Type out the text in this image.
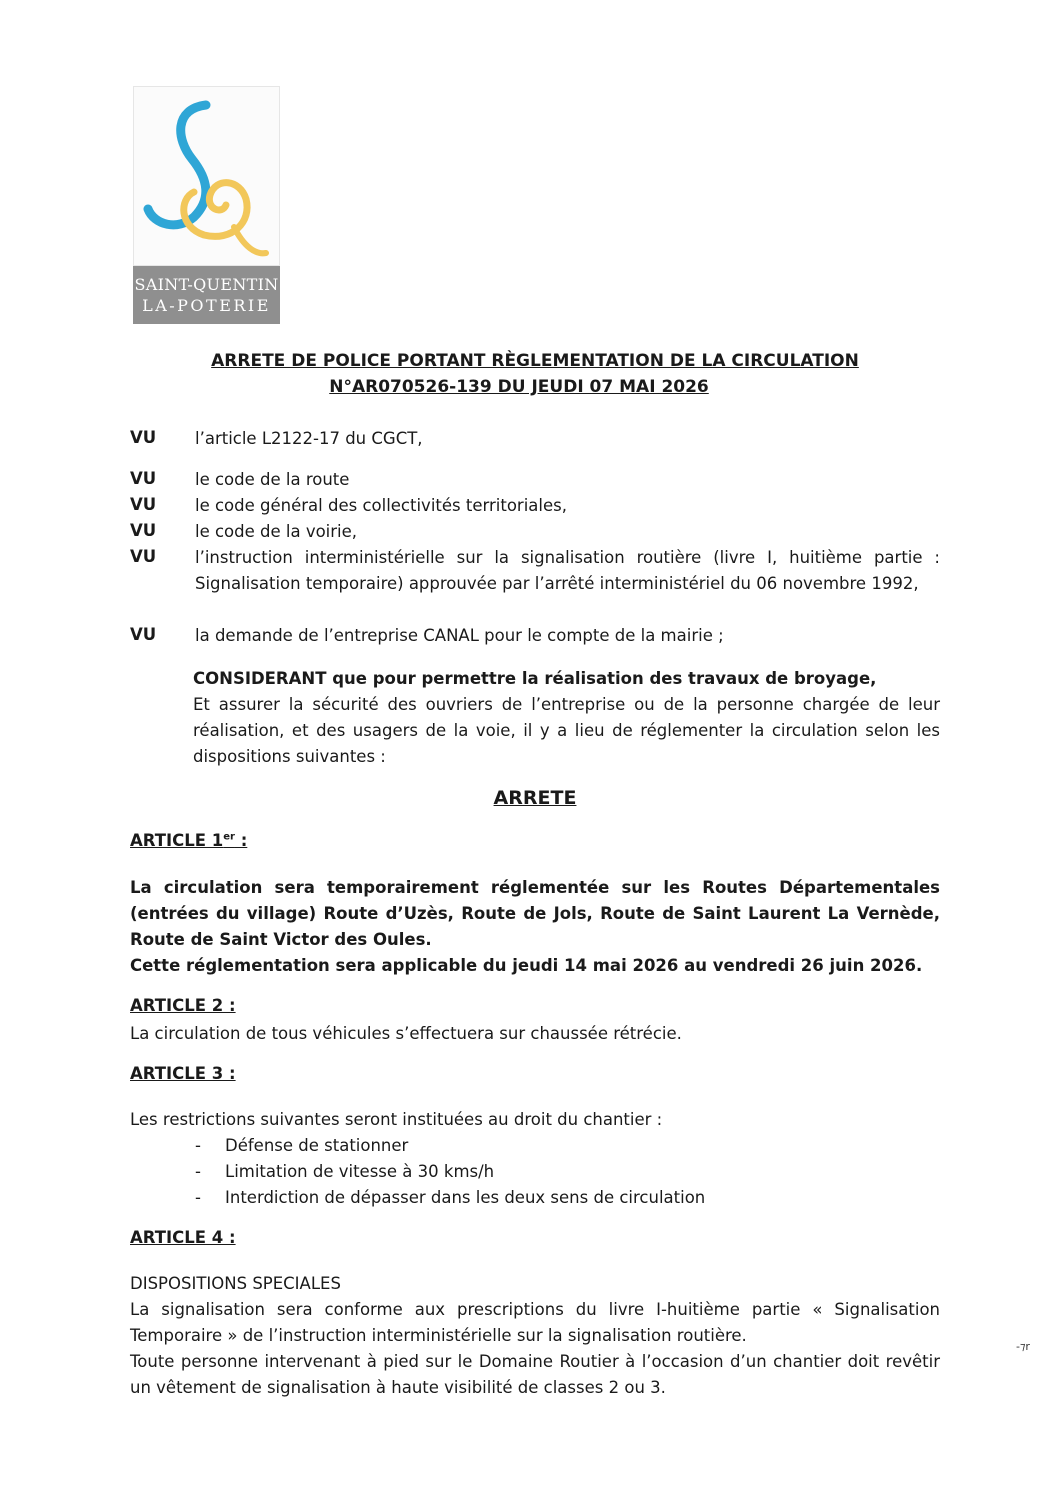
SAINT-QUENTIN
LA-POTERIE
ARRETE DE POLICE PORTANT RÈGLEMENTATION DE LA CIRCULATION
N°AR070526-139 DU JEUDI 07 MAI 2026
VU l’article L2122-17 du CGCT,
VU le code de la route
VU le code général des collectivités territoriales,
VU le code de la voirie,
VU l’instruction interministérielle sur la signalisation routière (livre I, huitième partie : Signalisation temporaire) approuvée par l’arrêté interministériel du 06 novembre 1992,
VU la demande de l’entreprise CANAL pour le compte de la mairie ;
CONSIDERANT que pour permettre la réalisation des travaux de broyage,
Et assurer la sécurité des ouvriers de l’entreprise ou de la personne chargée de leur réalisation, et des usagers de la voie, il y a lieu de réglementer la circulation selon les dispositions suivantes :
ARRETE
ARTICLE 1er :
La circulation sera temporairement réglementée sur les Routes Départementales (entrées du village) Route d’Uzès, Route de Jols, Route de Saint Laurent La Vernède, Route de Saint Victor des Oules.
Cette réglementation sera applicable du jeudi 14 mai 2026 au vendredi 26 juin 2026.
ARTICLE 2 :
La circulation de tous véhicules s’effectuera sur chaussée rétrécie.
ARTICLE 3 :
Les restrictions suivantes seront instituées au droit du chantier :
-	Défense de stationner
-	Limitation de vitesse à 30 kms/h
-	Interdiction de dépasser dans les deux sens de circulation
ARTICLE 4 :
DISPOSITIONS SPECIALES
La signalisation sera conforme aux prescriptions du livre I-huitième partie « Signalisation Temporaire » de l’instruction interministérielle sur la signalisation routière.
Toute personne intervenant à pied sur le Domaine Routier à l’occasion d’un chantier doit revêtir un vêtement de signalisation à haute visibilité de classes 2 ou 3.
-⁊r
